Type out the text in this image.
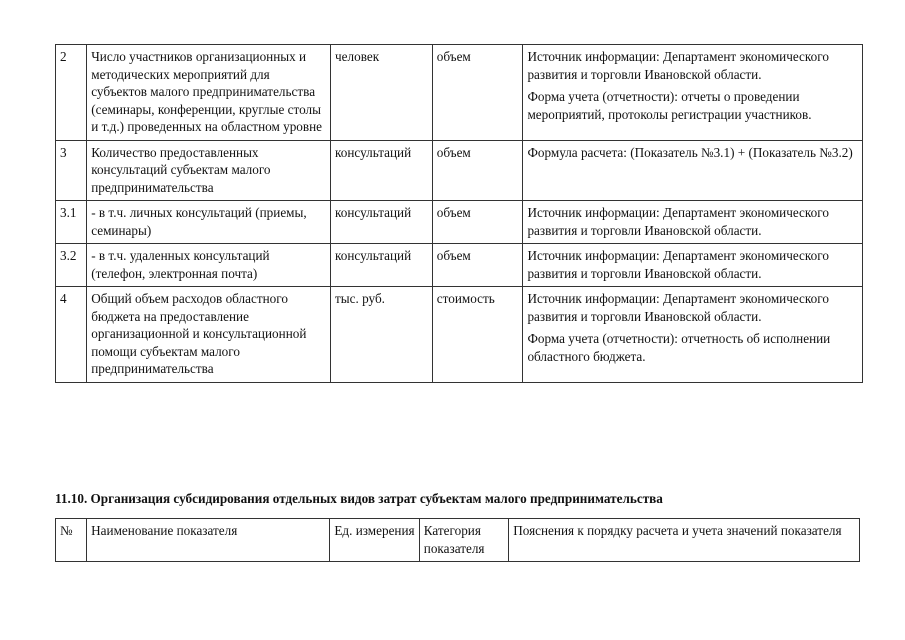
2	Число участников организационных и методических мероприятий для субъектов малого предпринимательства (семинары, конференции, круглые столы и т.д.) проведенных на областном уровне	человек	объем	Источник информации: Департамент экономического развития и торговли Ивановской области.
Форма учета (отчетности): отчеты о проведении мероприятий, протоколы регистрации участников.

3	Количество предоставленных консультаций субъектам малого предпринимательства	консультаций	объем	Формула расчета: (Показатель №3.1) + (Показатель №3.2)

3.1	- в т.ч. личных консультаций (приемы, семинары)	консультаций	объем	Источник информации: Департамент экономического развития и торговли Ивановской области.

3.2	- в т.ч. удаленных консультаций (телефон, электронная почта)	консультаций	объем	Источник информации: Департамент экономического развития и торговли Ивановской области.

4	Общий объем расходов областного бюджета на предоставление организационной и консультационной помощи субъектам малого предпринимательства	тыс. руб.	стоимость	Источник информации: Департамент экономического развития и торговли Ивановской области.
Форма учета (отчетности): отчетность об исполнении областного бюджета.
11.10. Организация субсидирования отдельных видов затрат субъектам малого предпринимательства
№	Наименование показателя	Ед. измерения	Категория показателя	Пояснения к порядку расчета и учета значений показателя
